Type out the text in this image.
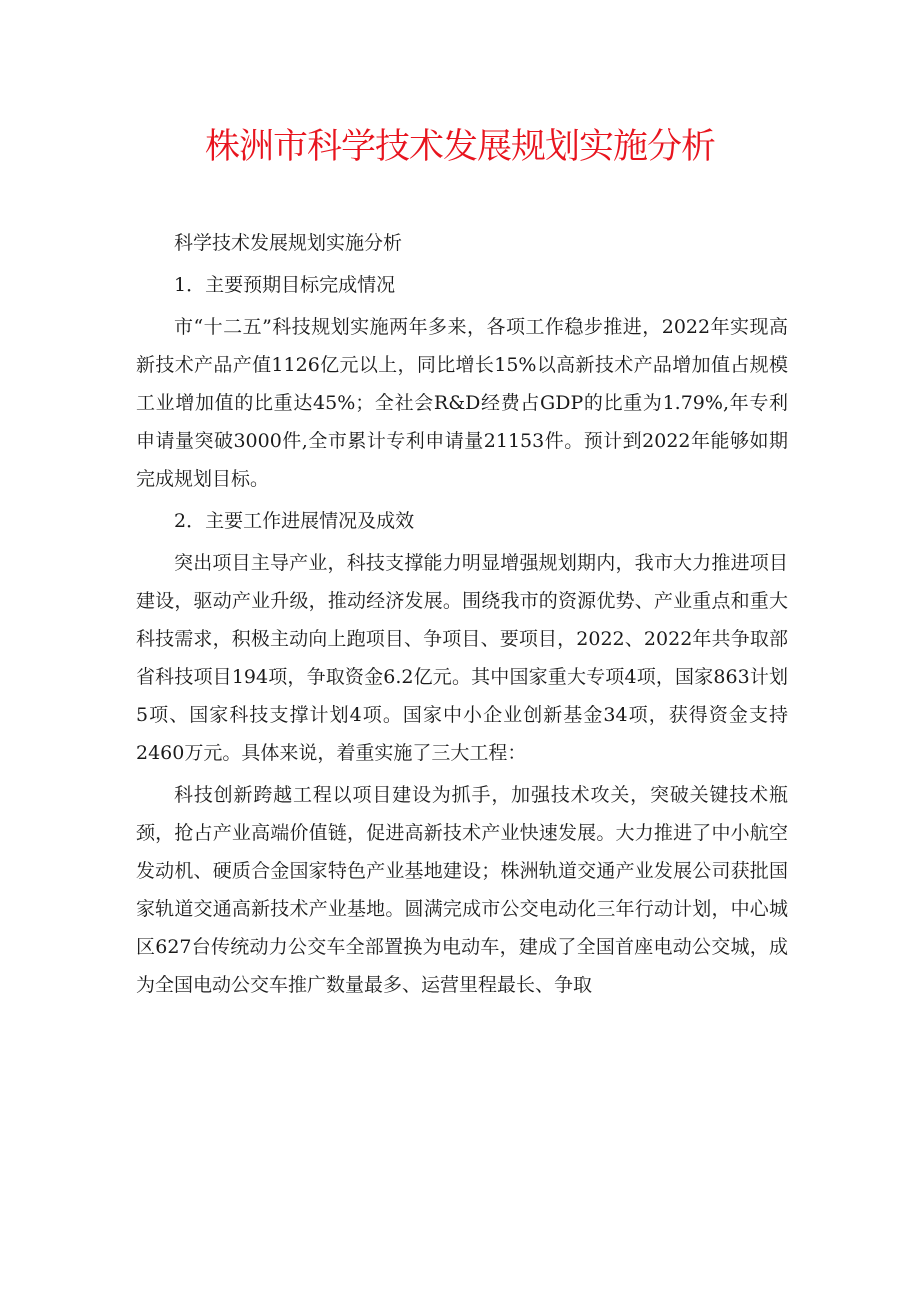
株洲市科学技术发展规划实施分析

科学技术发展规划实施分析

1．主要预期目标完成情况

市“十二五”科技规划实施两年多来，各项工作稳步推进，2022年实现高新技术产品产值1126亿元以上，同比增长15%以高新技术产品增加值占规模工业增加值的比重达45%；全社会R&D经费占GDP的比重为1.79%,年专利申请量突破3000件,全市累计专利申请量21153件。预计到2022年能够如期完成规划目标。

2．主要工作进展情况及成效

突出项目主导产业，科技支撑能力明显增强规划期内，我市大力推进项目建设，驱动产业升级，推动经济发展。围绕我市的资源优势、产业重点和重大科技需求，积极主动向上跑项目、争项目、要项目，2022、2022年共争取部省科技项目194项，争取资金6.2亿元。其中国家重大专项4项，国家863计划5项、国家科技支撑计划4项。国家中小企业创新基金34项，获得资金支持2460万元。具体来说，着重实施了三大工程：

科技创新跨越工程以项目建设为抓手，加强技术攻关，突破关键技术瓶颈，抢占产业高端价值链，促进高新技术产业快速发展。大力推进了中小航空发动机、硬质合金国家特色产业基地建设；株洲轨道交通产业发展公司获批国家轨道交通高新技术产业基地。圆满完成市公交电动化三年行动计划，中心城区627台传统动力公交车全部置换为电动车，建成了全国首座电动公交城，成为全国电动公交车推广数量最多、运营里程最长、争取
